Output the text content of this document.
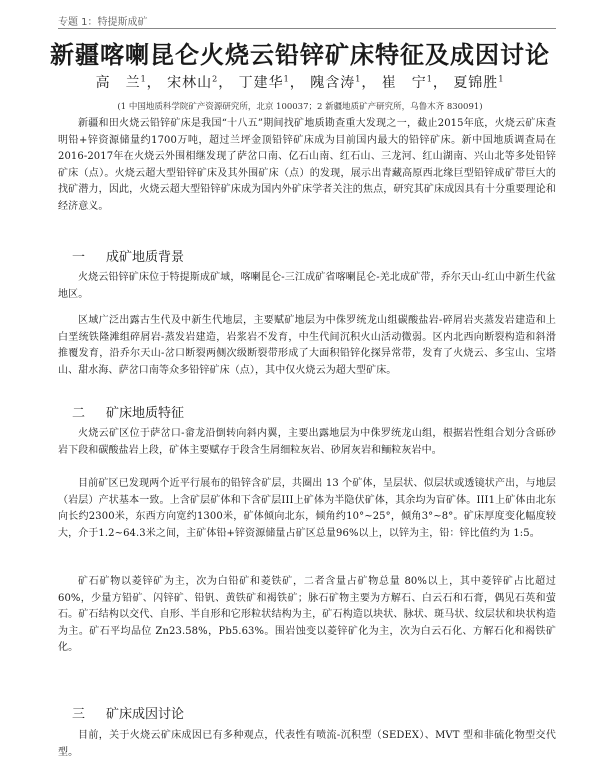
专题 1：特提斯成矿
新疆喀喇昆仑火烧云铅锌矿床特征及成因讨论
高　兰$^1$， 宋林山$^2$， 丁建华$^1$， 隗含涛$^1$， 崔　宁$^1$， 夏锦胜$^1$
(1 中国地质科学院矿产资源研究所，北京 100037；2 新疆地质矿产研究所，乌鲁木齐 830091)

新疆和田火烧云铅锌矿床是我国“十八五”期间找矿地质勘查重大发现之一，截止2015年底，火烧云矿床查明铅+锌资源储量约1700万吨，超过兰坪金顶铅锌矿床成为目前国内最大的铅锌矿床。新中国地质调查局在 2016-2017年在火烧云外围相继发现了萨岔口南、亿石山南、红石山、三龙河、红山湖南、兴山北等多处铅锌矿床（点）。火烧云超大型铅锌矿床及其外围矿床（点）的发现，展示出青藏高原西北缘巨型铅锌成矿带巨大的找矿潜力，因此，火烧云超大型铅锌矿床成为国内外矿床学者关注的焦点，研究其矿床成因具有十分重要理论和经济意义。

一 成矿地质背景

火烧云铅锌矿床位于特提斯成矿域，喀喇昆仑-三江成矿省喀喇昆仑-羌北成矿带，乔尔天山-红山中新生代盆地区。

区域广泛出露古生代及中新生代地层，主要赋矿地层为中侏罗统龙山组碳酸盐岩-碎屑岩夹蒸发岩建造和上白垩统铁隆滩组碎屑岩-蒸发岩建造，岩浆岩不发育，中生代间沉积火山活动微弱。区内北西向断裂构造和斜滑推覆发育，沿乔尔天山-岔口断裂两侧次级断裂带形成了大面积铅锌化探异常带，发育了火烧云、多宝山、宝塔山、甜水海、萨岔口南等众多铅锌矿床（点），其中仅火烧云为超大型矿床。

二 矿床地质特征

火烧云矿区位于萨岔口-畲龙沿倒转向斜内翼，主要出露地层为中侏罗统龙山组，根据岩性组合划分含砾砂岩下段和碳酸盐岩上段，矿体主要赋存于段含生屑细粒灰岩、砂屑灰岩和鲕粒灰岩中。

目前矿区已发现两个近平行展布的铅锌含矿层，共圈出 13 个矿体，呈层状、似层状或透镜状产出，与地层（岩层）产状基本一致。上含矿层矿体和下含矿层III上矿体为半隐伏矿体，其余均为盲矿体。III1上矿体由北东向长约2300米，东西方向宽约1300米，矿体倾向北东，倾角约10°~25°，倾角3°~8°。矿床厚度变化幅度较大，介于1.2~64.3米之间，主矿体铅+锌资源储量占矿区总量96%以上，以锌为主，铅：锌比值约为 1:5。

矿石矿物以菱锌矿为主，次为白铅矿和菱铁矿，二者含量占矿物总量 80%以上，其中菱锌矿占比超过 60%，少量方铅矿、闪锌矿、铅钒、黄铁矿和褐铁矿；脉石矿物主要为方解石、白云石和石膏，偶见石英和萤石。矿石结构以交代、自形、半自形和它形粒状结构为主，矿石构造以块状、脉状、斑马状、纹层状和块状构造为主。矿石平均品位 Zn23.58%，Pb5.63%。围岩蚀变以菱锌矿化为主，次为白云石化、方解石化和褐铁矿化。

三 矿床成因讨论

目前，关于火烧云矿床成因已有多种观点，代表性有喷流-沉积型（SEDEX）、MVT 型和非硫化物型交代型。
